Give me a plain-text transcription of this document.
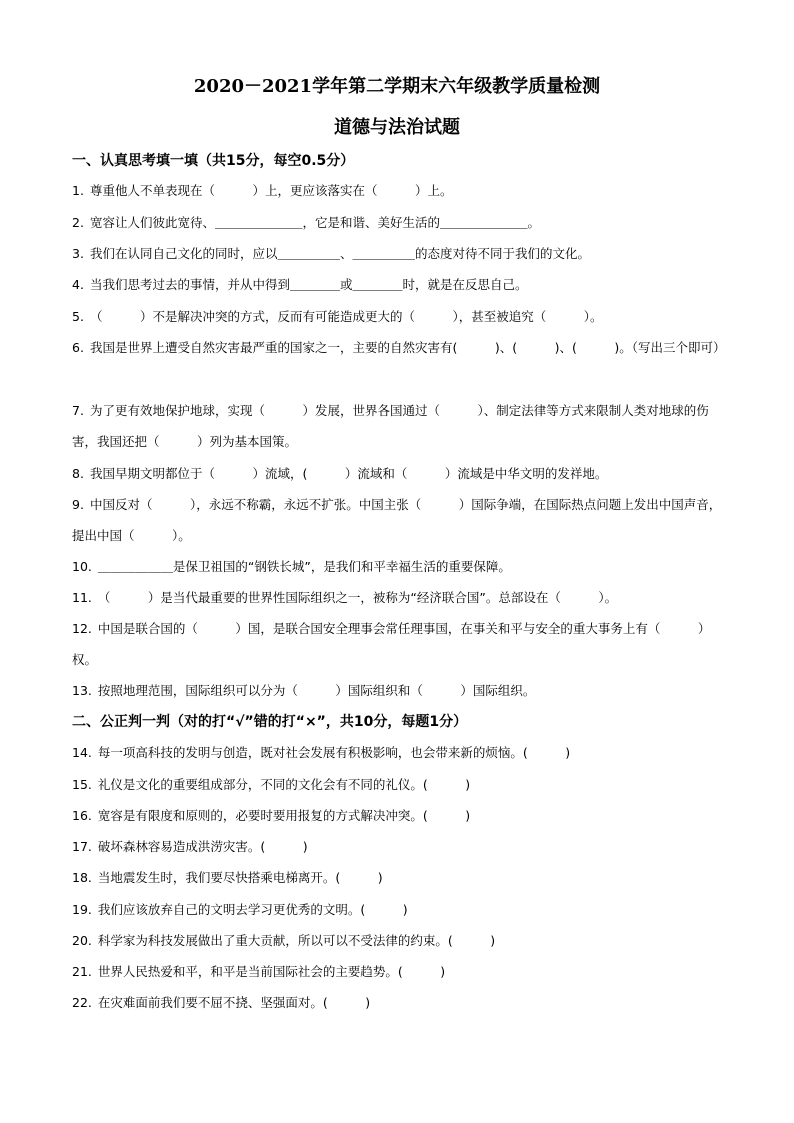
2020－2021学年第二学期末六年级教学质量检测
道德与法治试题
一、认真思考填一填（共15分，每空0.5分）
1. 尊重他人不单表现在（　　　）上，更应该落实在（　　　）上。
2. 宽容让人们彼此宽待、＿＿＿＿＿＿＿，它是和谐、美好生活的＿＿＿＿＿＿＿。
3. 我们在认同自己文化的同时，应以＿＿＿＿＿、＿＿＿＿＿的态度对待不同于我们的文化。
4. 当我们思考过去的事情，并从中得到＿＿＿＿或＿＿＿＿时，就是在反思自己。
5. （　　　）不是解决冲突的方式，反而有可能造成更大的（　　　），甚至被追究（　　　）。
6. 我国是世界上遭受自然灾害最严重的国家之一，主要的自然灾害有(　　　)、(　　　)、(　　　)。（写出三个即可）
7. 为了更有效地保护地球，实现（　　　）发展，世界各国通过（　　　）、制定法律等方式来限制人类对地球的伤害，我国还把（　　　）列为基本国策。
8. 我国早期文明都位于（　　　）流域，(　　　）流域和（　　　）流域是中华文明的发祥地。
9. 中国反对（　　　），永远不称霸，永远不扩张。中国主张（　　　）国际争端，在国际热点问题上发出中国声音，提出中国（　　　）。
10. ＿＿＿＿＿＿是保卫祖国的“钢铁长城”，是我们和平幸福生活的重要保障。
11. （　　　）是当代最重要的世界性国际组织之一，被称为“经济联合国”。总部设在（　　　）。
12. 中国是联合国的（　　　）国，是联合国安全理事会常任理事国，在事关和平与安全的重大事务上有（　　　）权。
13. 按照地理范围，国际组织可以分为（　　　）国际组织和（　　　）国际组织。
二、公正判一判（对的打“√”错的打“×”，共10分，每题1分）
14. 每一项高科技的发明与创造，既对社会发展有积极影响，也会带来新的烦恼。(　　　)
15. 礼仪是文化的重要组成部分，不同的文化会有不同的礼仪。(　　　)
16. 宽容是有限度和原则的，必要时要用报复的方式解决冲突。(　　　)
17. 破坏森林容易造成洪涝灾害。(　　　)
18. 当地震发生时，我们要尽快搭乘电梯离开。(　　　)
19. 我们应该放弃自己的文明去学习更优秀的文明。(　　　)
20. 科学家为科技发展做出了重大贡献，所以可以不受法律的约束。(　　　)
21. 世界人民热爱和平，和平是当前国际社会的主要趋势。(　　　)
22. 在灾难面前我们要不屈不挠、坚强面对。(　　　)
